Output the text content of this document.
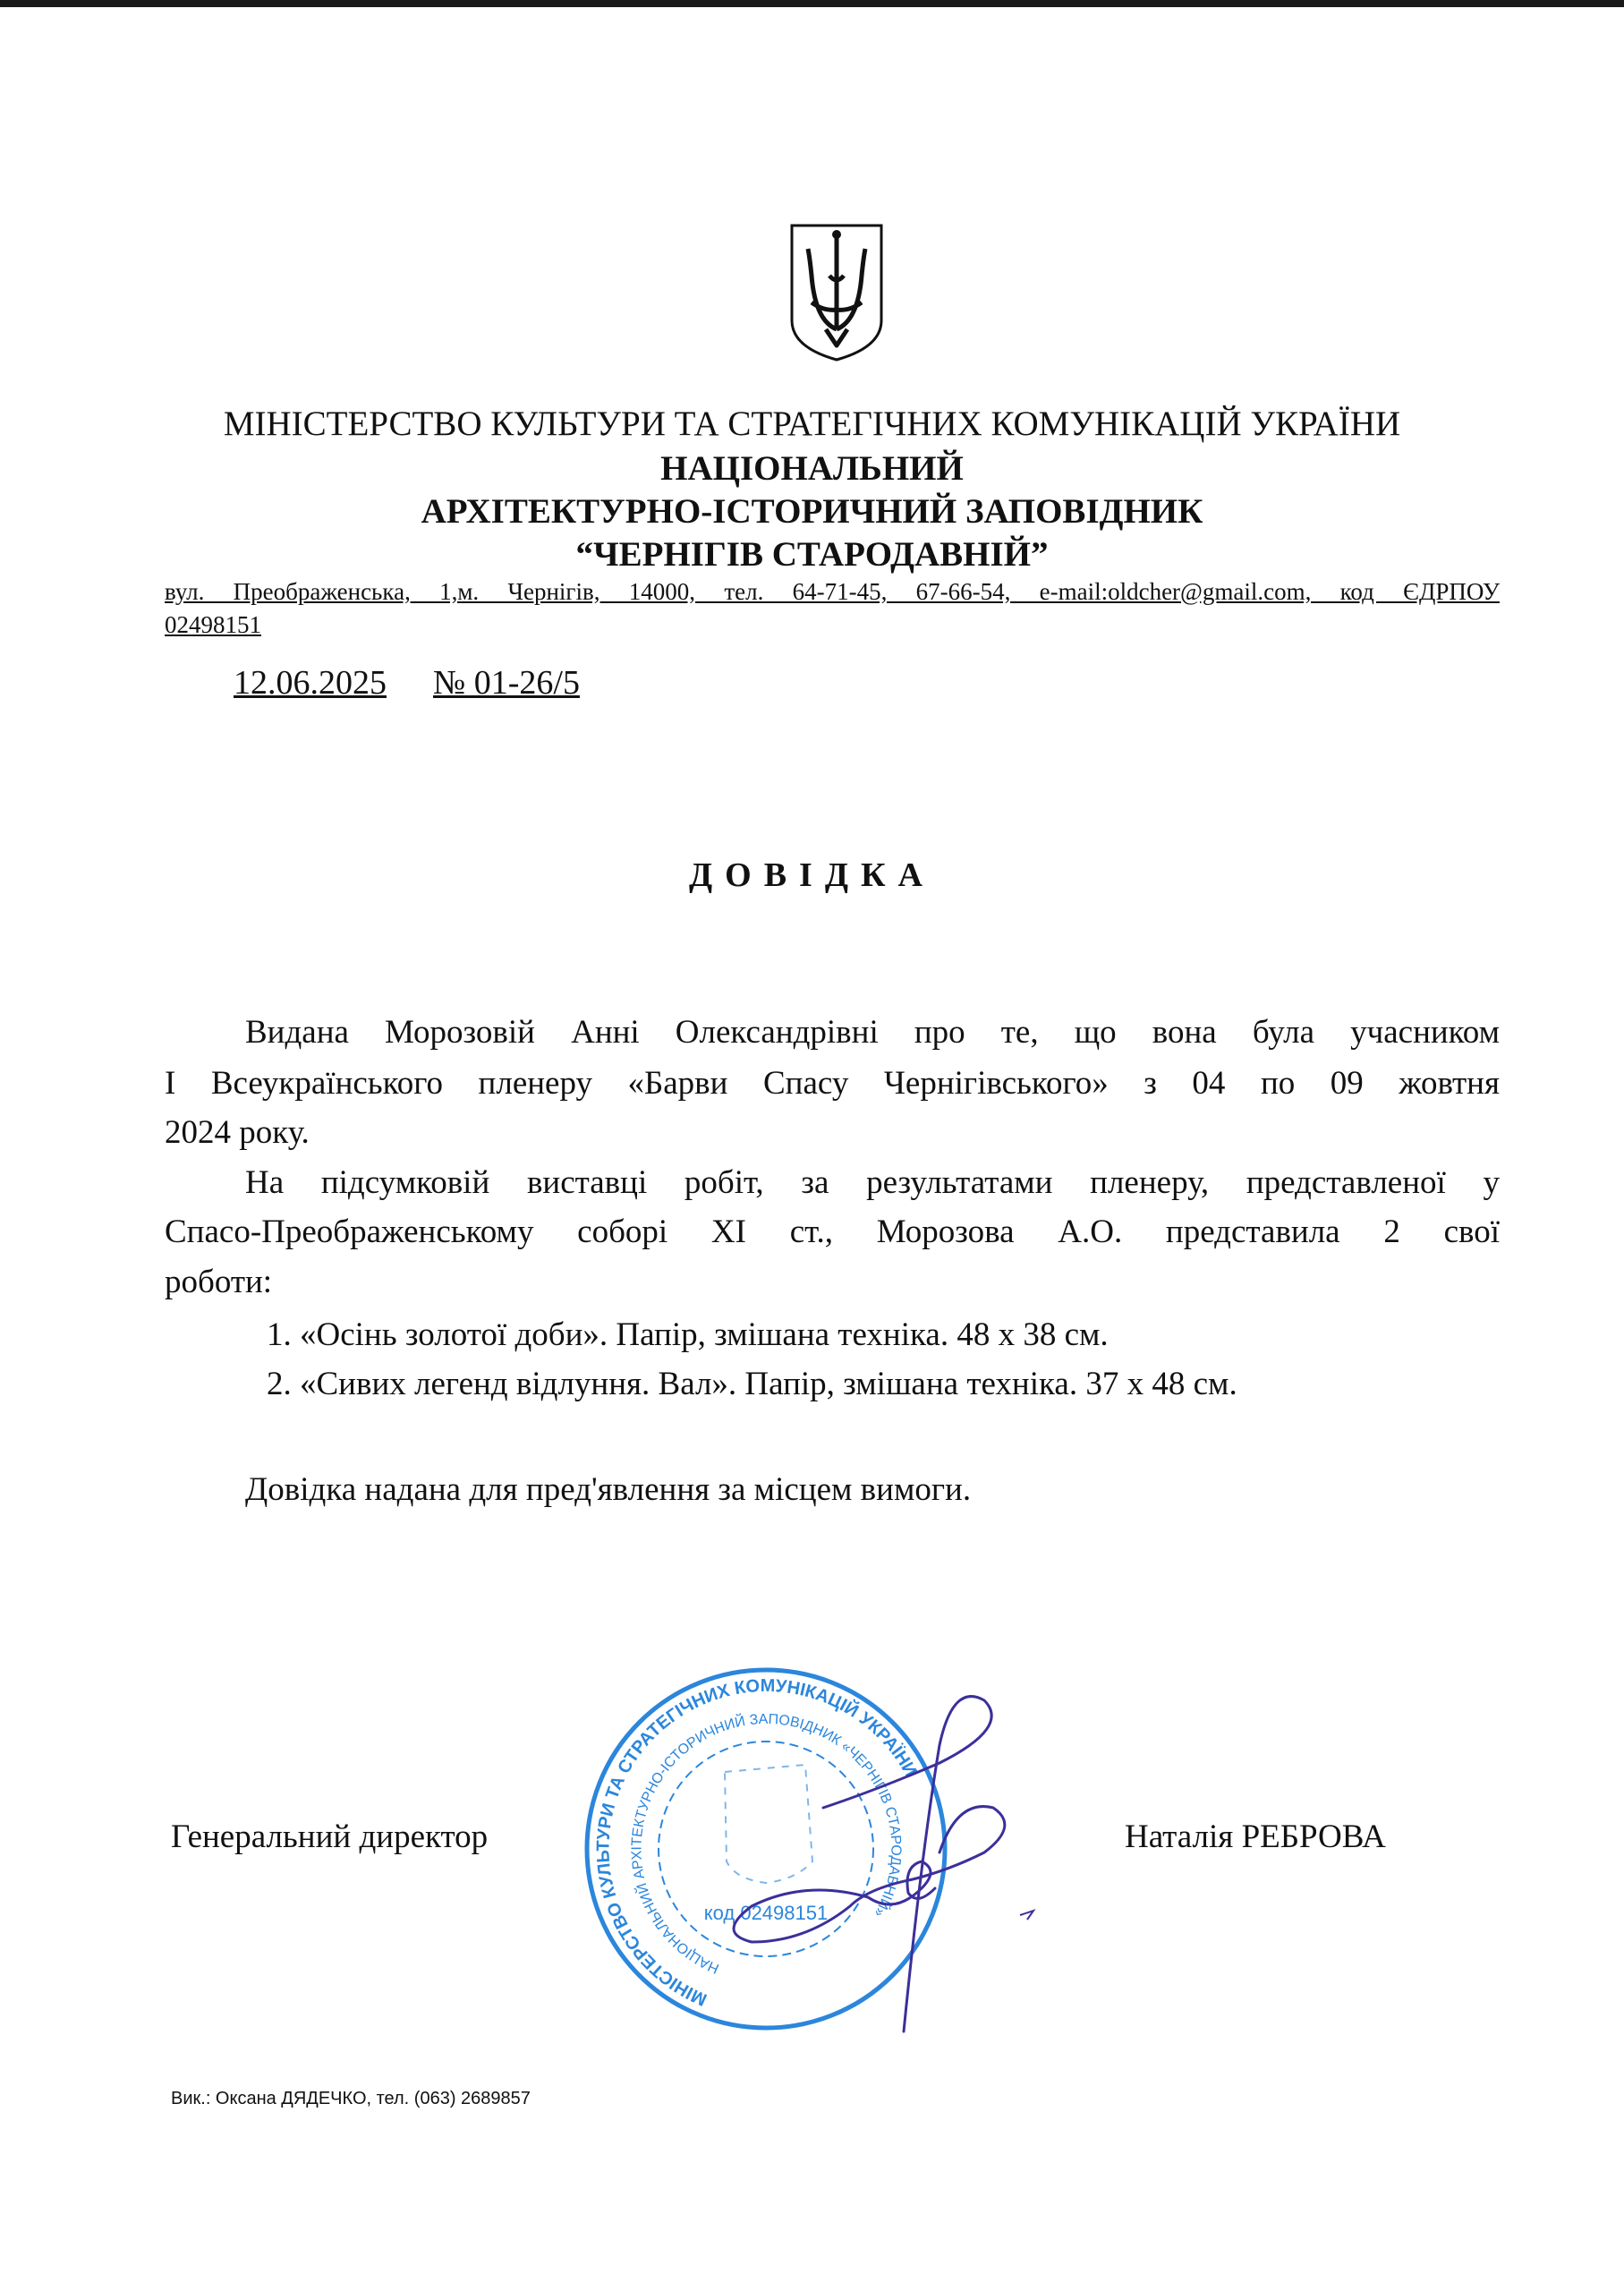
МІНІСТЕРСТВО КУЛЬТУРИ ТА СТРАТЕГІЧНИХ КОМУНІКАЦІЙ УКРАЇНИ
НАЦІОНАЛЬНИЙ
АРХІТЕКТУРНО-ІСТОРИЧНИЙ ЗАПОВІДНИК
“ЧЕРНІГІВ СТАРОДАВНІЙ”
вул. Преображенська, 1,м. Чернігів, 14000, тел. 64-71-45, 67-66-54, e-mail:oldcher@gmail.com, код ЄДРПОУ
02498151
12.06.2025 № 01-26/5
ДОВІДКА
Видана Морозовій Анні Олександрівні про те, що вона була учасником
І Всеукраїнського пленеру «Барви Спасу Чернігівського» з 04 по 09 жовтня
2024 року.
На підсумковій виставці робіт, за результатами пленеру, представленої у
Спасо-Преображенському соборі ХІ ст., Морозова А.О. представила 2 свої
роботи:
1. «Осінь золотої доби». Папір, змішана техніка. 48 х 38 см.
2. «Сивих легенд відлуння. Вал». Папір, змішана техніка. 37 х 48 см.
Довідка надана для пред'явлення за місцем вимоги.
МІНІСТЕРСТВО КУЛЬТУРИ ТА СТРАТЕГІЧНИХ КОМУНІКАЦІЙ УКРАЇНИ
НАЦІОНАЛЬНИЙ АРХІТЕКТУРНО-ІСТОРИЧНИЙ ЗАПОВІДНИК «ЧЕРНІГІВ СТАРОДАВНІЙ»
код 02498151
Генеральний директор	Наталія РЕБРОВА
Вик.: Оксана ДЯДЕЧКО, тел. (063) 2689857
